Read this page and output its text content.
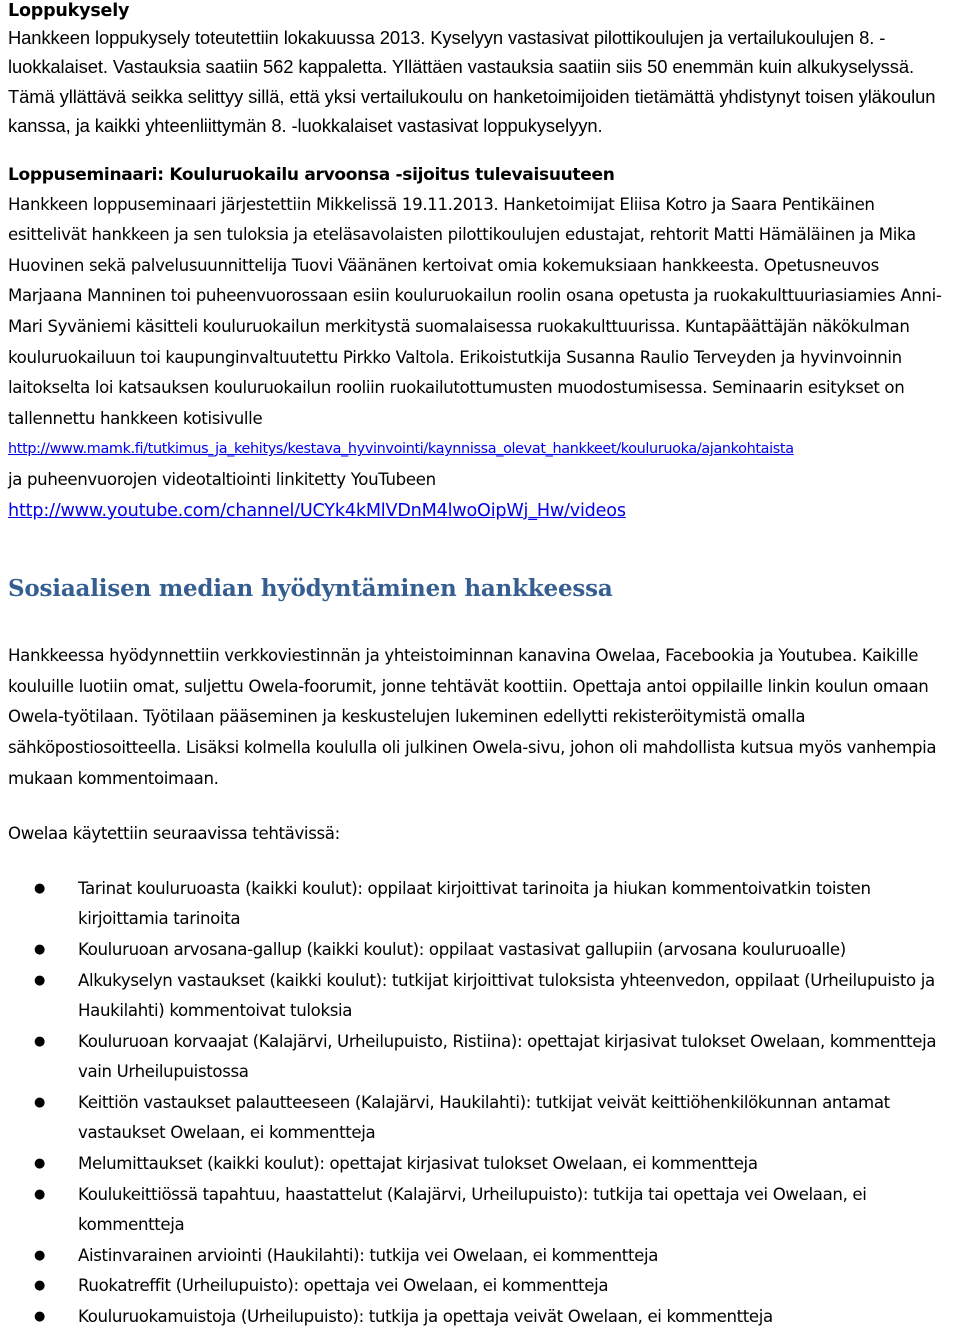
Loppukysely

Hankkeen loppukysely toteutettiin lokakuussa 2013. Kyselyyn vastasivat pilottikoulujen ja vertailukoulujen 8. -luokkalaiset. Vastauksia saatiin 562 kappaletta. Yllättäen vastauksia saatiin siis 50 enemmän kuin alkukyselyssä. Tämä yllättävä seikka selittyy sillä, että yksi vertailukoulu on hanketoimijoiden tietämättä yhdistynyt toisen yläkoulun kanssa, ja kaikki yhteenliittymän 8. -luokkalaiset vastasivat loppukyselyyn.

Loppuseminaari: Kouluruokailu arvoonsa -sijoitus tulevaisuuteen

Hankkeen loppuseminaari järjestettiin Mikkelissä 19.11.2013. Hanketoimijat Eliisa Kotro ja Saara Pentikäinen esittelivät hankkeen ja sen tuloksia ja eteläsavolaisten pilottikoulujen edustajat, rehtorit Matti Hämäläinen ja Mika Huovinen sekä palvelusuunnittelija Tuovi Väänänen kertoivat omia kokemuksiaan hankkeesta. Opetusneuvos Marjaana Manninen toi puheenvuorossaan esiin kouluruokailun roolin osana opetusta ja ruokakulttuuriasiamies Anni-Mari Syväniemi käsitteli kouluruokailun merkitystä suomalaisessa ruokakulttuurissa. Kuntapäättäjän näkökulman kouluruokailuun toi kaupunginvaltuutettu Pirkko Valtola. Erikoistutkija Susanna Raulio Terveyden ja hyvinvoinnin laitokselta loi katsauksen kouluruokailun rooliin ruokailutottumusten muodostumisessa. Seminaarin esitykset on tallennettu hankkeen kotisivulle

http://www.mamk.fi/tutkimus_ja_kehitys/kestava_hyvinvointi/kaynnissa_olevat_hankkeet/kouluruoka/ajankohtaista

ja puheenvuorojen videotaltiointi linkitetty YouTubeen

http://www.youtube.com/channel/UCYk4kMlVDnM4lwoOipWj_Hw/videos
Sosiaalisen median hyödyntäminen hankkeessa

Hankkeessa hyödynnettiin verkkoviestinnän ja yhteistoiminnan kanavina Owelaa, Facebookia ja Youtubea. Kaikille kouluille luotiin omat, suljettu Owela-foorumit, jonne tehtävät koottiin. Opettaja antoi oppilaille linkin koulun omaan Owela-työtilaan. Työtilaan pääseminen ja keskustelujen lukeminen edellytti rekisteröitymistä omalla sähköpostiosoitteella. Lisäksi kolmella koululla oli julkinen Owela-sivu, johon oli mahdollista kutsua myös vanhempia mukaan kommentoimaan.

Owelaa käytettiin seuraavissa tehtävissä:

● Tarinat kouluruoasta (kaikki koulut): oppilaat kirjoittivat tarinoita ja hiukan kommentoivatkin toisten kirjoittamia tarinoita
● Kouluruoan arvosana-gallup (kaikki koulut): oppilaat vastasivat gallupiin (arvosana kouluruoalle)
● Alkukyselyn vastaukset (kaikki koulut): tutkijat kirjoittivat tuloksista yhteenvedon, oppilaat (Urheilupuisto ja Haukilahti) kommentoivat tuloksia
● Kouluruoan korvaajat (Kalajärvi, Urheilupuisto, Ristiina): opettajat kirjasivat tulokset Owelaan, kommentteja vain Urheilupuistossa
● Keittiön vastaukset palautteeseen (Kalajärvi, Haukilahti): tutkijat veivät keittiöhenkilökunnan antamat vastaukset Owelaan, ei kommentteja
● Melumittaukset (kaikki koulut): opettajat kirjasivat tulokset Owelaan, ei kommentteja
● Koulukeittiössä tapahtuu, haastattelut (Kalajärvi, Urheilupuisto): tutkija tai opettaja vei Owelaan, ei kommentteja
● Aistinvarainen arviointi (Haukilahti): tutkija vei Owelaan, ei kommentteja
● Ruokatreffit (Urheilupuisto): opettaja vei Owelaan, ei kommentteja
● Kouluruokamuistoja (Urheilupuisto): tutkija ja opettaja veivät Owelaan, ei kommentteja
